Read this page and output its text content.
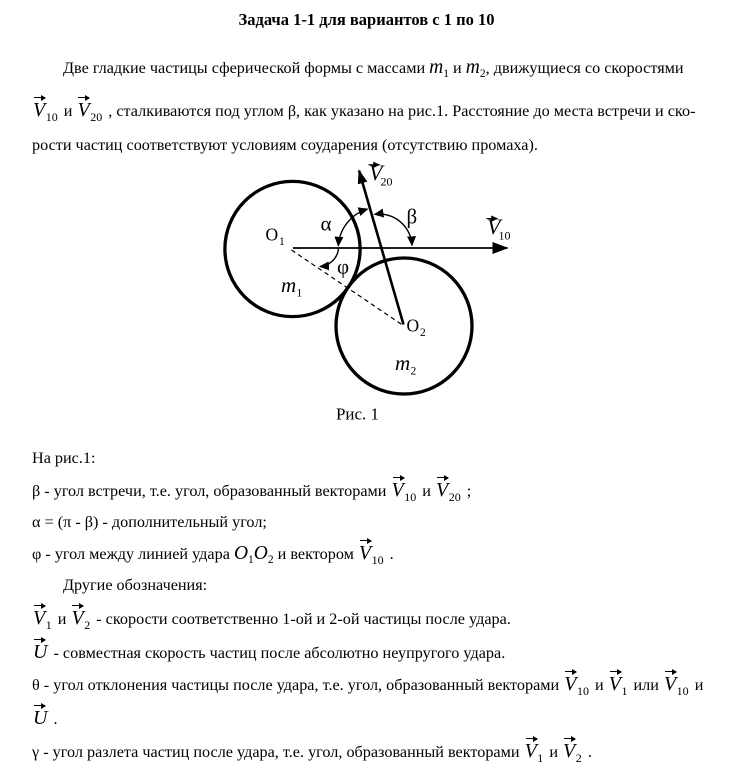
Задача 1-1 для вариантов с 1 по 10
Две гладкие частицы сферической формы с массами $m_1$ и $m_2$, движущиеся со скоростями
$V_{10}$ и
$V_{20}$ , сталкиваются под углом β, как указано на рис.1. Расстояние до места встречи и ско-
рости частиц соответствуют условиям соударения (отсутствию промаха).
На рис.1:
β - угол встречи, т.е. угол, образованный векторами
$V_{10}$ и
$V_{20}$ ;
α = (π - β) - дополнительный угол;
φ - угол между линией удара $O_1O_2$ и вектором
$V_{10}$ .
Другие обозначения:
$V_1$ и
$V_2$ - скорости соответственно 1-ой и 2-ой частицы после удара.
U - совместная скорость частиц после абсолютно неупругого удара.
θ - угол отклонения частицы после удара, т.е. угол, образованный векторами
$V_{10}$ и
$V_1$ или
$V_{10}$ и
U .
γ - угол разлета частиц после удара, т.е. угол, образованный векторами
$V_1$ и
$V_2$ .
V
20
V
10
α	β
φ
O 1
O 2
m 1
m 2
Рис. 1
